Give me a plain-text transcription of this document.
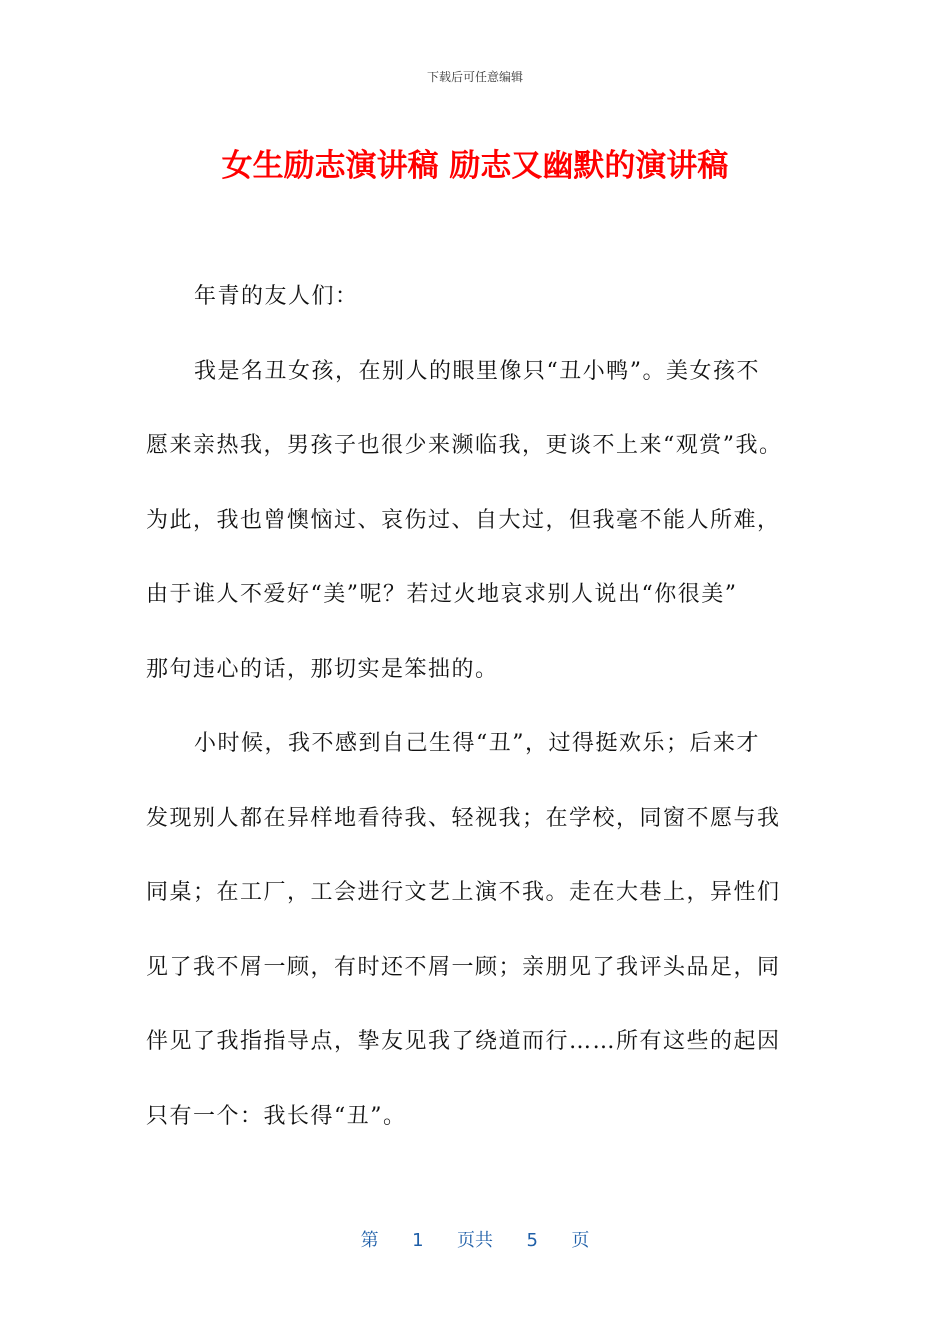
下载后可任意编辑
女生励志演讲稿 励志又幽默的演讲稿
年青的友人们：
我是名丑女孩，在别人的眼里像只“丑小鸭”。美女孩不
愿来亲热我，男孩子也很少来濒临我，更谈不上来“观赏”我。
为此，我也曾懊恼过、哀伤过、自大过，但我毫不能人所难，
由于谁人不爱好“美”呢？若过火地哀求别人说出“你很美”
那句违心的话，那切实是笨拙的。
小时候，我不感到自己生得“丑”，过得挺欢乐；后来才
发现别人都在异样地看待我、轻视我；在学校，同窗不愿与我
同桌；在工厂，工会进行文艺上演不我。走在大巷上，异性们
见了我不屑一顾，有时还不屑一顾；亲朋见了我评头品足，同
伴见了我指指导点，挚友见我了绕道而行……所有这些的起因
只有一个：我长得“丑”。
第 1 页共 5 页
